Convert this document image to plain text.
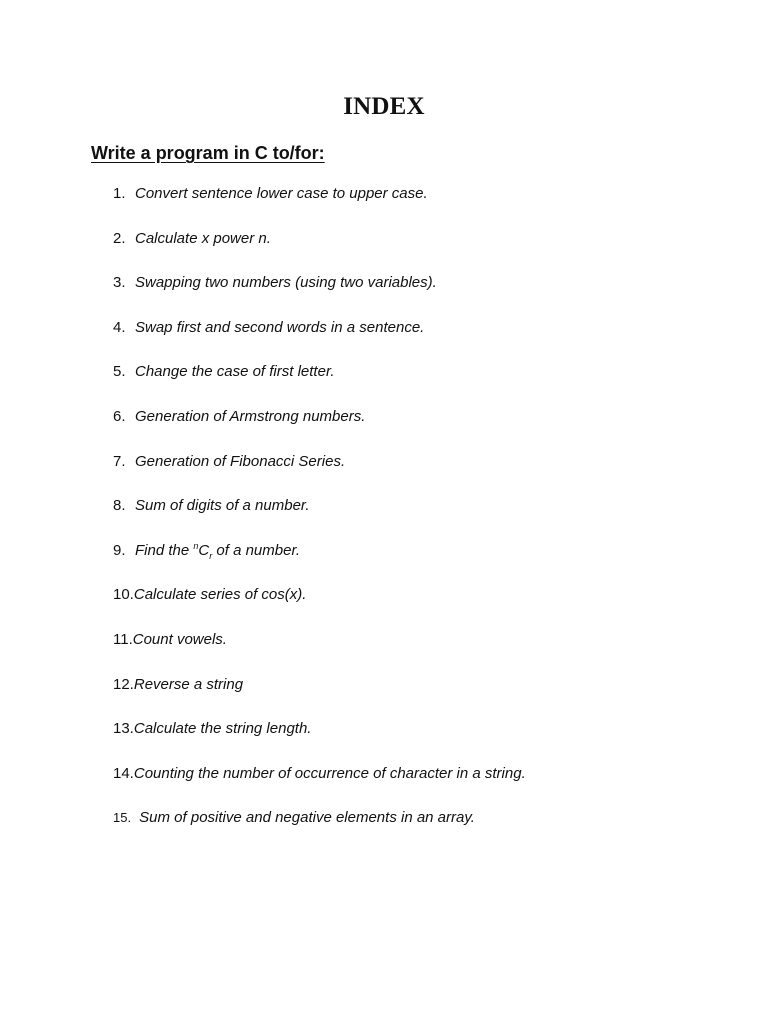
INDEX
Write a program in C to/for:
1. Convert sentence lower case to upper case.
2. Calculate x power n.
3. Swapping two numbers (using two variables).
4. Swap first and second words in a sentence.
5. Change the case of first letter.
6. Generation of Armstrong numbers.
7. Generation of Fibonacci Series.
8. Sum of digits of a number.
9. Find the $^nC_r$ of a number.
10.Calculate series of cos(x).
11.Count vowels.
12.Reverse a string
13.Calculate the string length.
14.Counting the number of occurrence of character in a string.
15. Sum of positive and negative elements in an array.
